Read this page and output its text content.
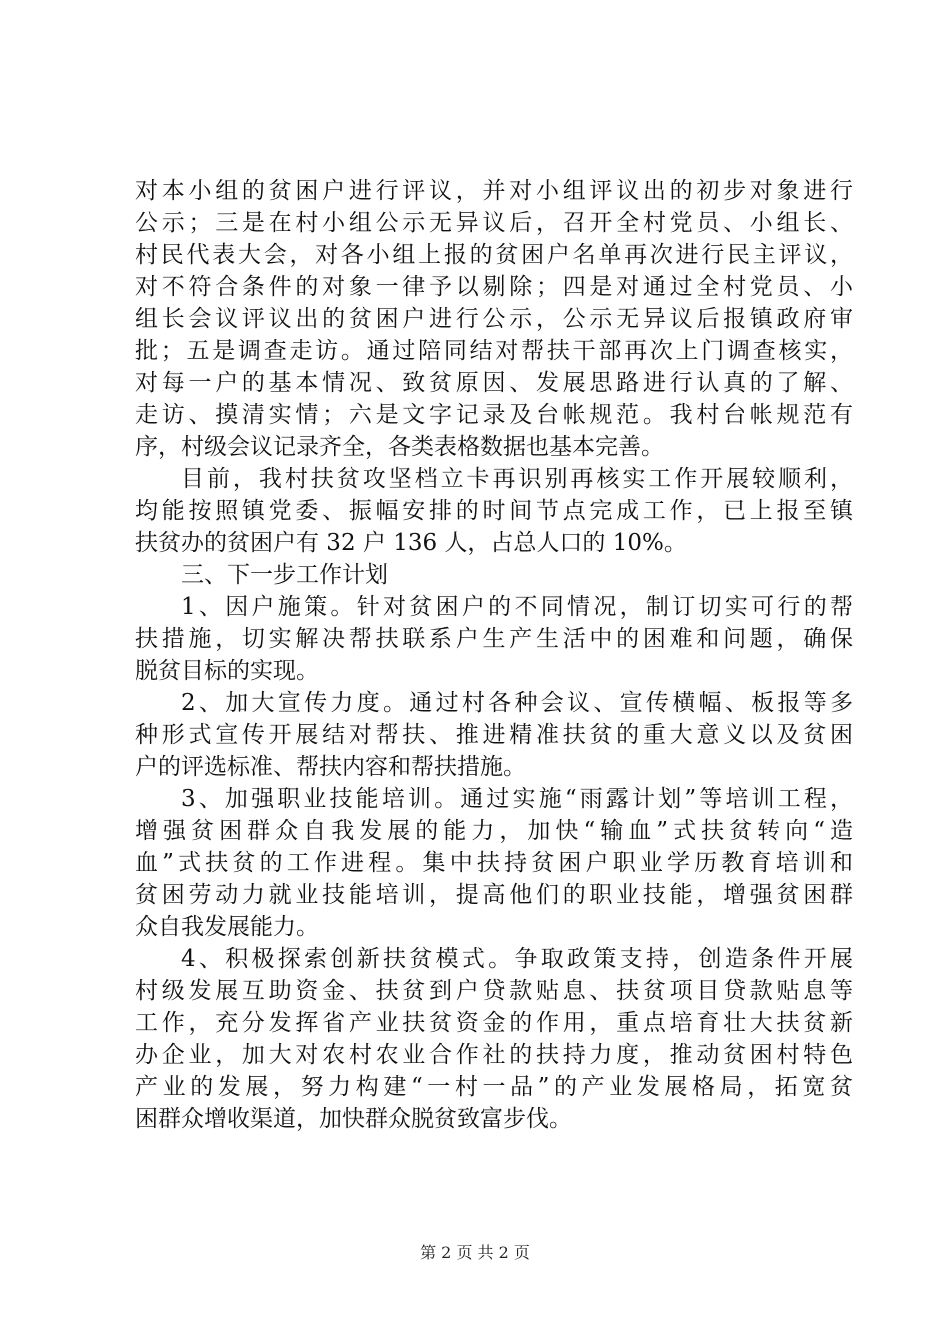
对本小组的贫困户进行评议，并对小组评议出的初步对象进行
公示；三是在村小组公示无异议后，召开全村党员、小组长、
村民代表大会，对各小组上报的贫困户名单再次进行民主评议，
对不符合条件的对象一律予以剔除；四是对通过全村党员、小
组长会议评议出的贫困户进行公示，公示无异议后报镇政府审
批；五是调查走访。通过陪同结对帮扶干部再次上门调查核实，
对每一户的基本情况、致贫原因、发展思路进行认真的了解、
走访、摸清实情；六是文字记录及台帐规范。我村台帐规范有
序，村级会议记录齐全，各类表格数据也基本完善。
目前，我村扶贫攻坚档立卡再识别再核实工作开展较顺利，
均能按照镇党委、振幅安排的时间节点完成工作，已上报至镇
扶贫办的贫困户有 32 户 136 人，占总人口的 10%。
三、下一步工作计划
1、因户施策。针对贫困户的不同情况，制订切实可行的帮
扶措施，切实解决帮扶联系户生产生活中的困难和问题，确保
脱贫目标的实现。
2、加大宣传力度。通过村各种会议、宣传横幅、板报等多
种形式宣传开展结对帮扶、推进精准扶贫的重大意义以及贫困
户的评选标准、帮扶内容和帮扶措施。
3、加强职业技能培训。通过实施“雨露计划”等培训工程，
增强贫困群众自我发展的能力，加快“输血”式扶贫转向“造
血”式扶贫的工作进程。集中扶持贫困户职业学历教育培训和
贫困劳动力就业技能培训，提高他们的职业技能，增强贫困群
众自我发展能力。
4、积极探索创新扶贫模式。争取政策支持，创造条件开展
村级发展互助资金、扶贫到户贷款贴息、扶贫项目贷款贴息等
工作，充分发挥省产业扶贫资金的作用，重点培育壮大扶贫新
办企业，加大对农村农业合作社的扶持力度，推动贫困村特色
产业的发展，努力构建“一村一品”的产业发展格局，拓宽贫
困群众增收渠道，加快群众脱贫致富步伐。
第 2 页 共 2 页
